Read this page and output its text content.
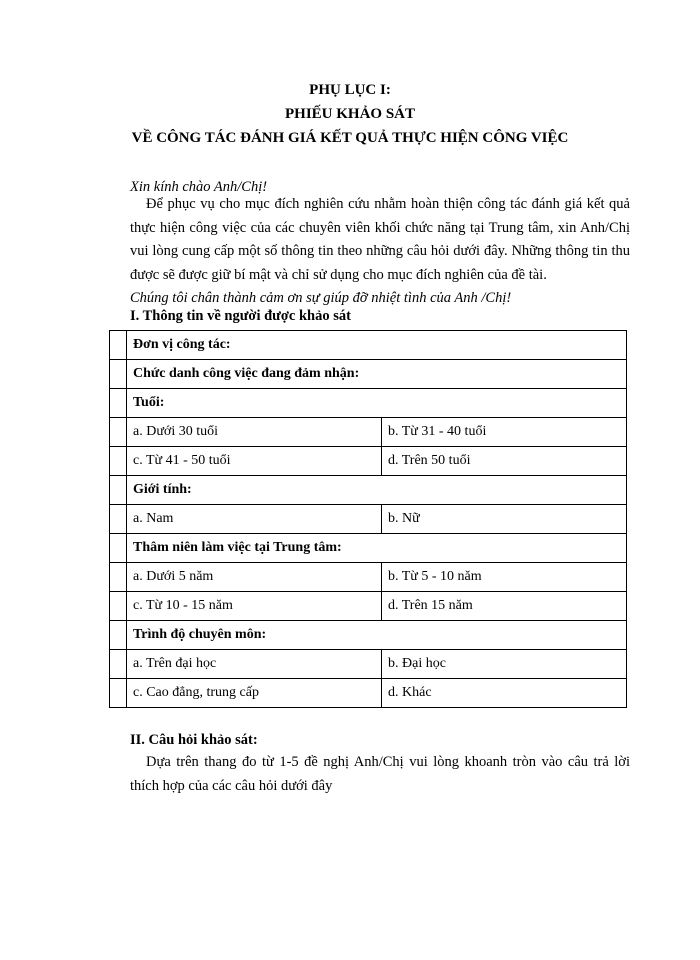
PHỤ LỤC I:
PHIẾU KHẢO SÁT
VỀ CÔNG TÁC ĐÁNH GIÁ KẾT QUẢ THỰC HIỆN CÔNG VIỆC
Xin kính chào Anh/Chị!
Để phục vụ cho mục đích nghiên cứu nhằm hoàn thiện công tác đánh giá kết quả thực hiện công việc của các chuyên viên khối chức năng tại Trung tâm, xin Anh/Chị vui lòng cung cấp một số thông tin theo những câu hỏi dưới đây. Những thông tin thu được sẽ được giữ bí mật và chỉ sử dụng cho mục đích nghiên của đề tài.
Chúng tôi chân thành cảm ơn sự giúp đỡ nhiệt tình của Anh /Chị!
I. Thông tin về người được khảo sát
	Đơn vị công tác:	
	Chức danh công việc đang đảm nhận:	
	Tuổi:	
	a. Dưới 30 tuổi	b. Từ 31 - 40 tuổi
	c. Từ 41 - 50 tuổi	d. Trên 50 tuổi
	Giới tính:	
	a. Nam	b. Nữ
	Thâm niên làm việc tại Trung tâm:	
	a. Dưới 5 năm	b. Từ 5 - 10 năm
	c. Từ 10 - 15 năm	d. Trên 15 năm
	Trình độ chuyên môn:	
	a. Trên đại học	b. Đại học
	c. Cao đẳng, trung cấp	d. Khác
II. Câu hỏi khảo sát:
Dựa trên thang đo từ 1-5 đề nghị Anh/Chị vui lòng khoanh tròn vào câu trả lời thích hợp của các câu hỏi dưới đây
